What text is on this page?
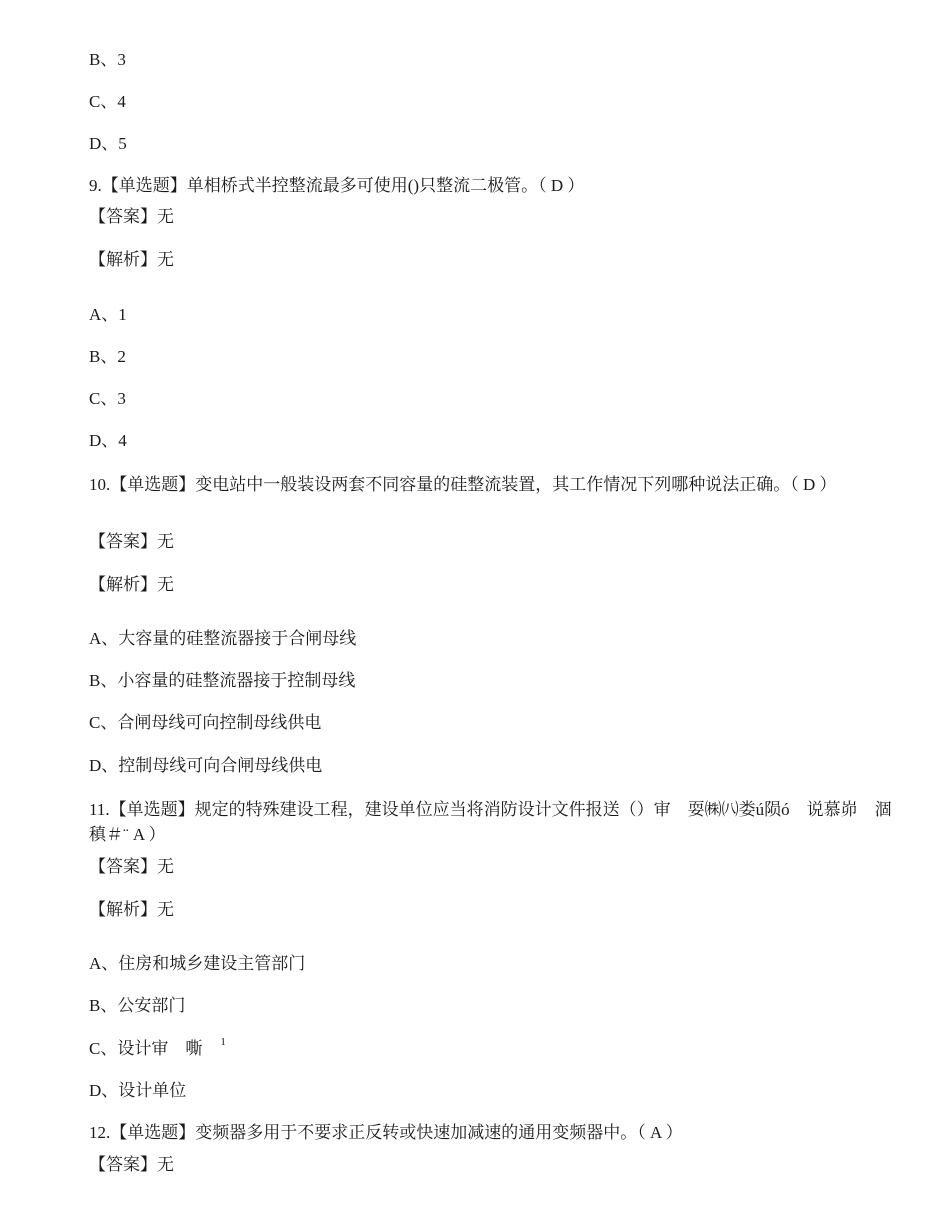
B、3
C、4
D、5
9.【单选题】单相桥式半控整流最多可使用()只整流二极管。（ D ）
【答案】无
【解析】无
A、1
B、2
C、3
D、4
10.【单选题】变电站中一般装设两套不同容量的硅整流装置，其工作情况下列哪种说法正确。（ D ）
【答案】无
【解析】无
A、大容量的硅整流器接于合闸母线
B、小容量的硅整流器接于控制母线
C、合闸母线可向控制母线供电
D、控制母线可向合闸母线供电
11.【单选题】规定的特殊建设工程，建设单位应当将消防设计文件报送（）审　耍㈱㈧娄ú陨ó　说慕峁　涸稹＃¨ A ）
【答案】无
【解析】无
A、住房和城乡建设主管部门
B、公安部门
C、设计审　嘶 $^1$
D、设计单位
12.【单选题】变频器多用于不要求正反转或快速加减速的通用变频器中。（ A ）
【答案】无
